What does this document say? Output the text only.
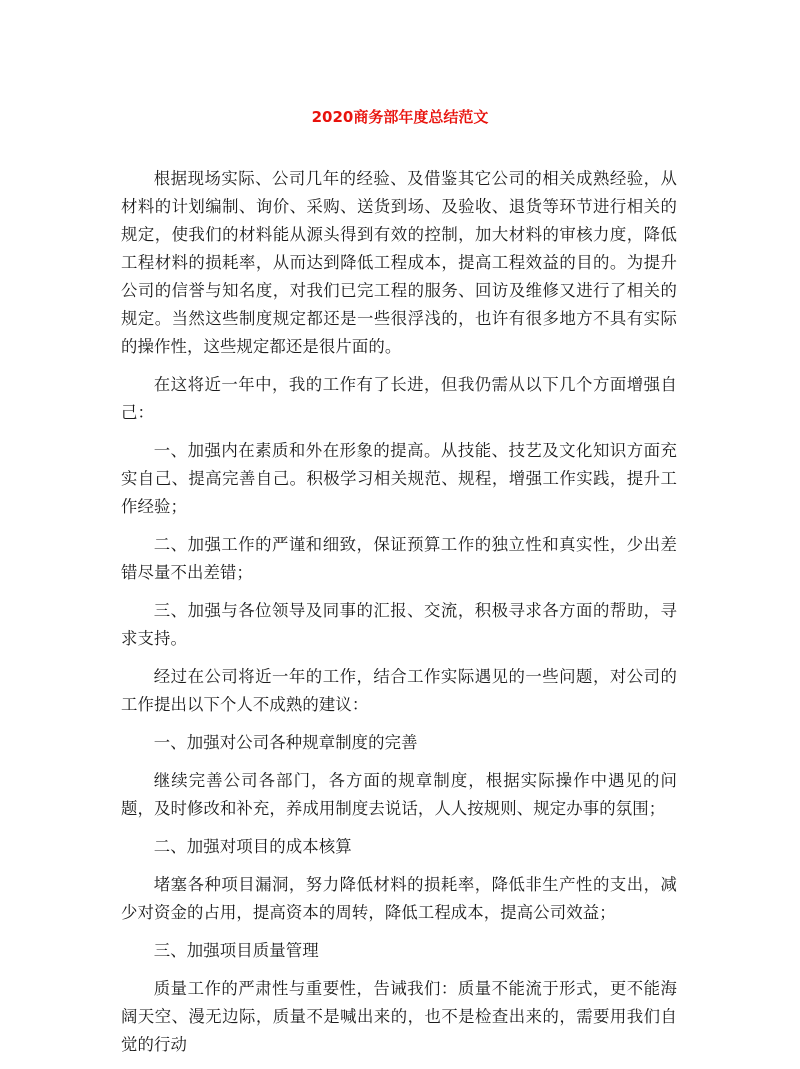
2020商务部年度总结范文

根据现场实际、公司几年的经验、及借鉴其它公司的相关成熟经验，从材料的计划编制、询价、采购、送货到场、及验收、退货等环节进行相关的规定，使我们的材料能从源头得到有效的控制，加大材料的审核力度，降低工程材料的损耗率，从而达到降低工程成本，提高工程效益的目的。为提升公司的信誉与知名度，对我们已完工程的服务、回访及维修又进行了相关的规定。当然这些制度规定都还是一些很浮浅的，也许有很多地方不具有实际的操作性，这些规定都还是很片面的。

在这将近一年中，我的工作有了长进，但我仍需从以下几个方面增强自己：

一、加强内在素质和外在形象的提高。从技能、技艺及文化知识方面充实自己、提高完善自己。积极学习相关规范、规程，增强工作实践，提升工作经验；

二、加强工作的严谨和细致，保证预算工作的独立性和真实性，少出差错尽量不出差错；

三、加强与各位领导及同事的汇报、交流，积极寻求各方面的帮助，寻求支持。

经过在公司将近一年的工作，结合工作实际遇见的一些问题，对公司的工作提出以下个人不成熟的建议：

一、加强对公司各种规章制度的完善

继续完善公司各部门，各方面的规章制度，根据实际操作中遇见的问题，及时修改和补充，养成用制度去说话，人人按规则、规定办事的氛围；

二、加强对项目的成本核算

堵塞各种项目漏洞，努力降低材料的损耗率，降低非生产性的支出，减少对资金的占用，提高资本的周转，降低工程成本，提高公司效益；

三、加强项目质量管理

质量工作的严肃性与重要性，告诫我们：质量不能流于形式，更不能海阔天空、漫无边际，质量不是喊出来的，也不是检查出来的，需要用我们自觉的行动
